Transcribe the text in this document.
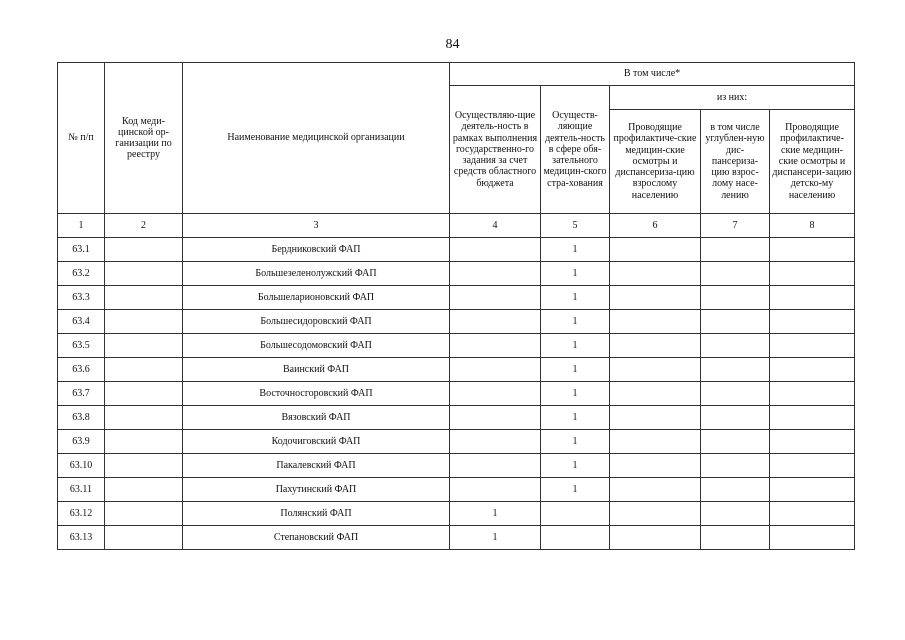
84
№ п/п	Код меди-цинской ор-ганизации по реестру	Наименование медицинской организации	В том числе*				
			Осуществляю-щие деятель-ность в рамках выполнения государственно-го задания за счет средств областного бюджета	Осуществ-ляющие деятель-ность в сфере обя-зательного медицин-ского стра-хования	из них:		
					Проводящие профилактиче-ские медицин-ские осмотры и диспансериза-цию взрослому населению	в том числе углублен-ную дис-пансериза-цию взрос-лому насе-лению	Проводящие профилактиче-ские медицин-ские осмотры и диспансери-зацию детско-му населению
1	2	3	4	5	6	7	8
63.1		Бердниковский ФАП		1			
63.2		Большезеленолужский ФАП		1			
63.3		Большеларионовский ФАП		1			
63.4		Большесидоровский ФАП		1			
63.5		Большесодомовский ФАП		1			
63.6		Ваинский ФАП		1			
63.7		Восточносгоровский ФАП		1			
63.8		Вязовский ФАП		1			
63.9		Кодочиговский ФАП		1			
63.10		Пакалевский ФАП		1			
63.11		Пахутинский ФАП		1			
63.12		Полянский ФАП	1				
63.13		Степановский ФАП	1				
